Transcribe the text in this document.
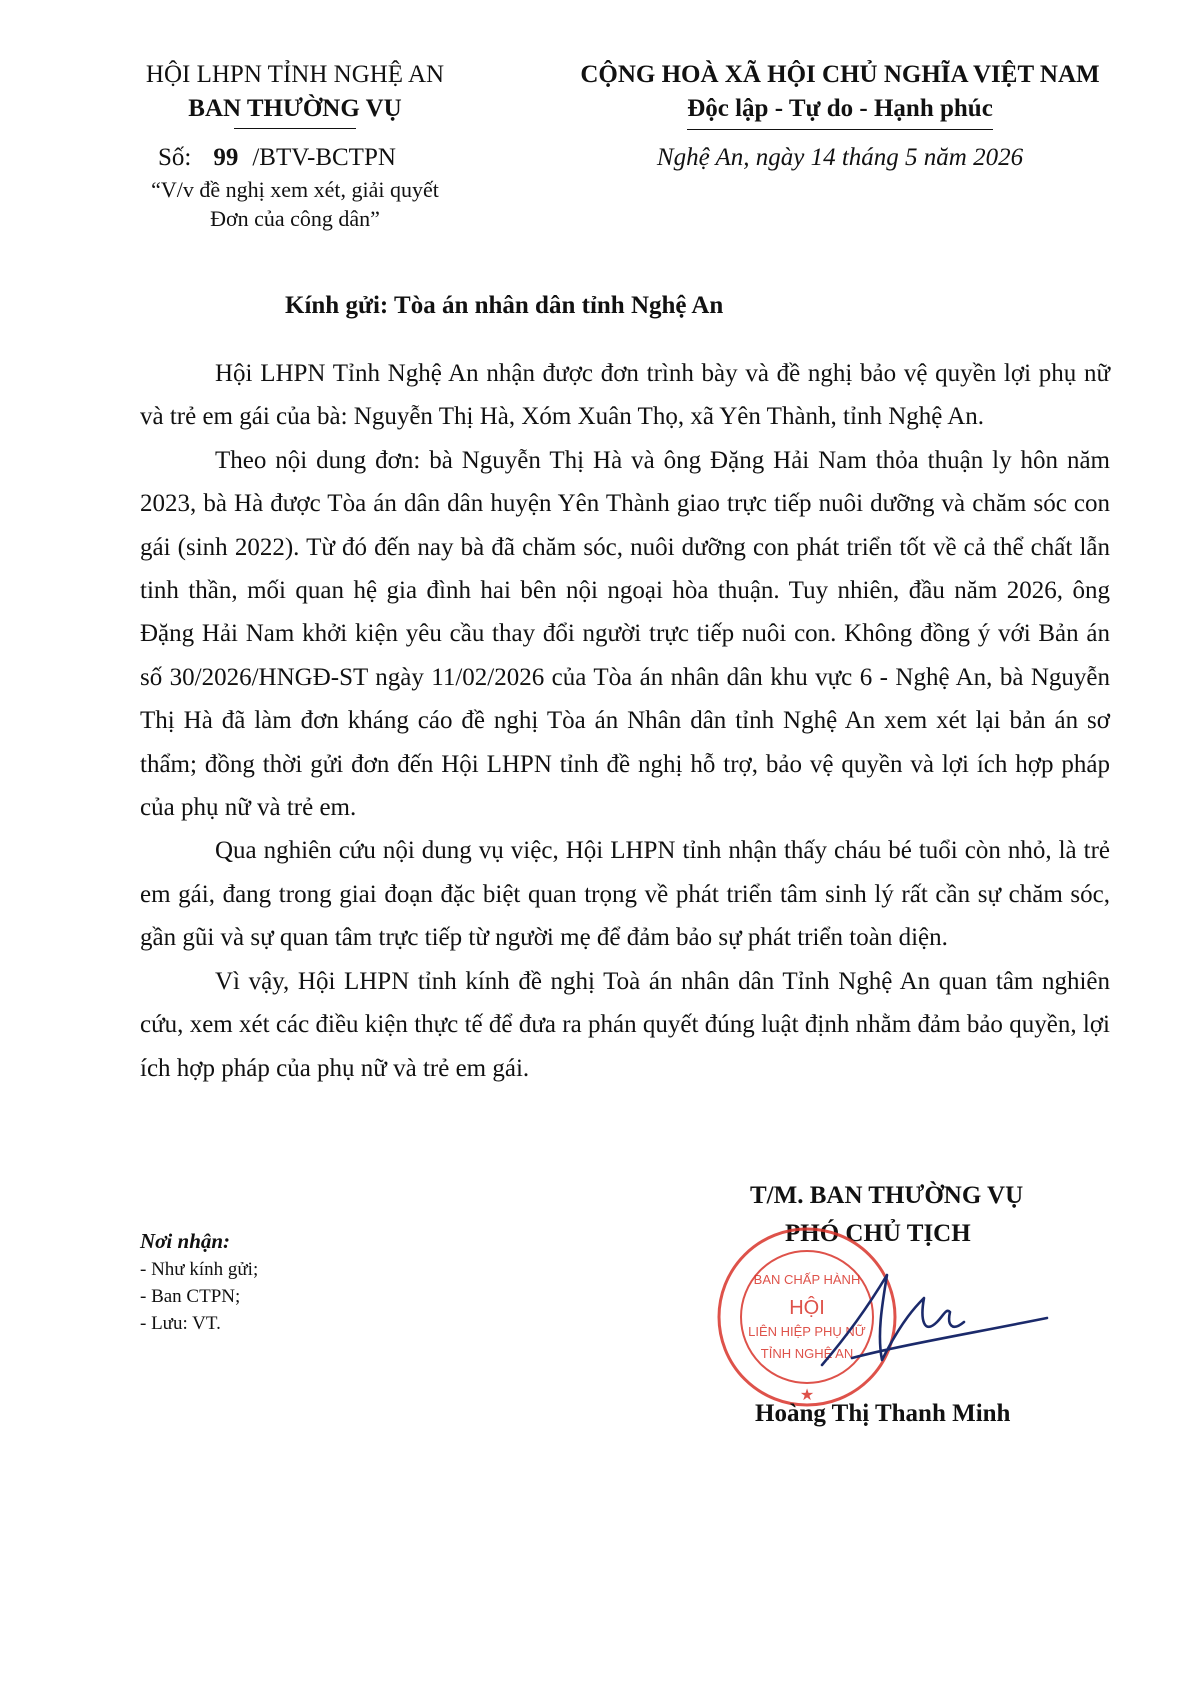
HỘI LHPN TỈNH NGHỆ AN
BAN THƯỜNG VỤ
CỘNG HOÀ XÃ HỘI CHỦ NGHĨA VIỆT NAM
Độc lập - Tự do - Hạnh phúc
Số: 99 /BTV-BCTPN
“V/v đề nghị xem xét, giải quyết
Đơn của công dân”
Nghệ An, ngày 14 tháng 5 năm 2026
Kính gửi: Tòa án nhân dân tỉnh Nghệ An

Hội LHPN Tỉnh Nghệ An nhận được đơn trình bày và đề nghị bảo vệ quyền lợi phụ nữ và trẻ em gái của bà: Nguyễn Thị Hà, Xóm Xuân Thọ, xã Yên Thành, tỉnh Nghệ An.

Theo nội dung đơn: bà Nguyễn Thị Hà và ông Đặng Hải Nam thỏa thuận ly hôn năm 2023, bà Hà được Tòa án dân dân huyện Yên Thành giao trực tiếp nuôi dưỡng và chăm sóc con gái (sinh 2022). Từ đó đến nay bà đã chăm sóc, nuôi dưỡng con phát triển tốt về cả thể chất lẫn tinh thần, mối quan hệ gia đình hai bên nội ngoại hòa thuận. Tuy nhiên, đầu năm 2026, ông Đặng Hải Nam khởi kiện yêu cầu thay đổi người trực tiếp nuôi con. Không đồng ý với Bản án số 30/2026/HNGĐ-ST ngày 11/02/2026 của Tòa án nhân dân khu vực 6 - Nghệ An, bà Nguyễn Thị Hà đã làm đơn kháng cáo đề nghị Tòa án Nhân dân tỉnh Nghệ An xem xét lại bản án sơ thẩm; đồng thời gửi đơn đến Hội LHPN tỉnh đề nghị hỗ trợ, bảo vệ quyền và lợi ích hợp pháp của phụ nữ và trẻ em.

Qua nghiên cứu nội dung vụ việc, Hội LHPN tỉnh nhận thấy cháu bé tuổi còn nhỏ, là trẻ em gái, đang trong giai đoạn đặc biệt quan trọng về phát triển tâm sinh lý rất cần sự chăm sóc, gần gũi và sự quan tâm trực tiếp từ người mẹ để đảm bảo sự phát triển toàn diện.

Vì vậy, Hội LHPN tỉnh kính đề nghị Toà án nhân dân Tỉnh Nghệ An quan tâm nghiên cứu, xem xét các điều kiện thực tế để đưa ra phán quyết đúng luật định nhằm đảm bảo quyền, lợi ích hợp pháp của phụ nữ và trẻ em gái.

T/M. BAN THƯỜNG VỤ
PHÓ CHỦ TỊCH
BAN CHẤP HÀNH
HỘI
LIÊN HIỆP PHỤ NỮ
TỈNH NGHỆ AN
★
Hoàng Thị Thanh Minh
Nơi nhận:
- Như kính gửi;
- Ban CTPN;
- Lưu: VT.
